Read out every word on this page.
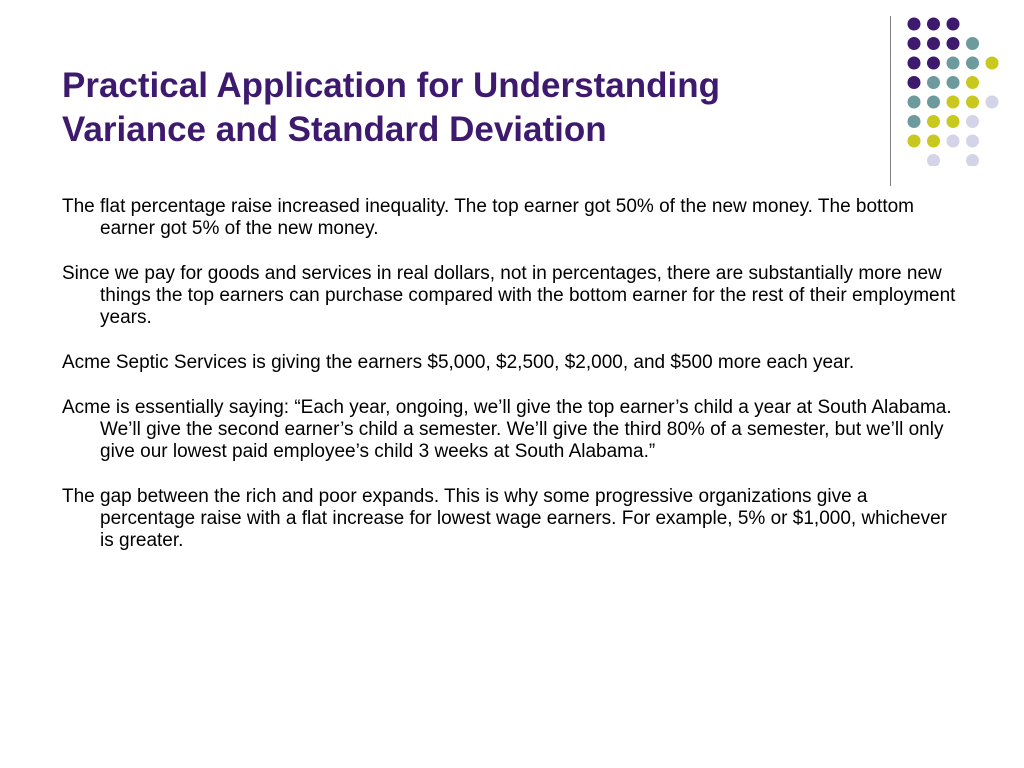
Practical Application for Understanding
Variance and Standard Deviation

The flat percentage raise increased inequality. The top earner got 50% of the new money. The bottom earner got 5% of the new money.

Since we pay for goods and services in real dollars, not in percentages, there are substantially more new things the top earners can purchase compared with the bottom earner for the rest of their employment years.

Acme Septic Services is giving the earners $5,000, $2,500, $2,000, and $500 more each year.

Acme is essentially saying: “Each year, ongoing, we’ll give the top earner’s child a year at South Alabama. We’ll give the second earner’s child a semester. We’ll give the third 80% of a semester, but we’ll only give our lowest paid employee’s child 3 weeks at South Alabama.”

The gap between the rich and poor expands. This is why some progressive organizations give a percentage raise with a flat increase for lowest wage earners. For example, 5% or $1,000, whichever is greater.
